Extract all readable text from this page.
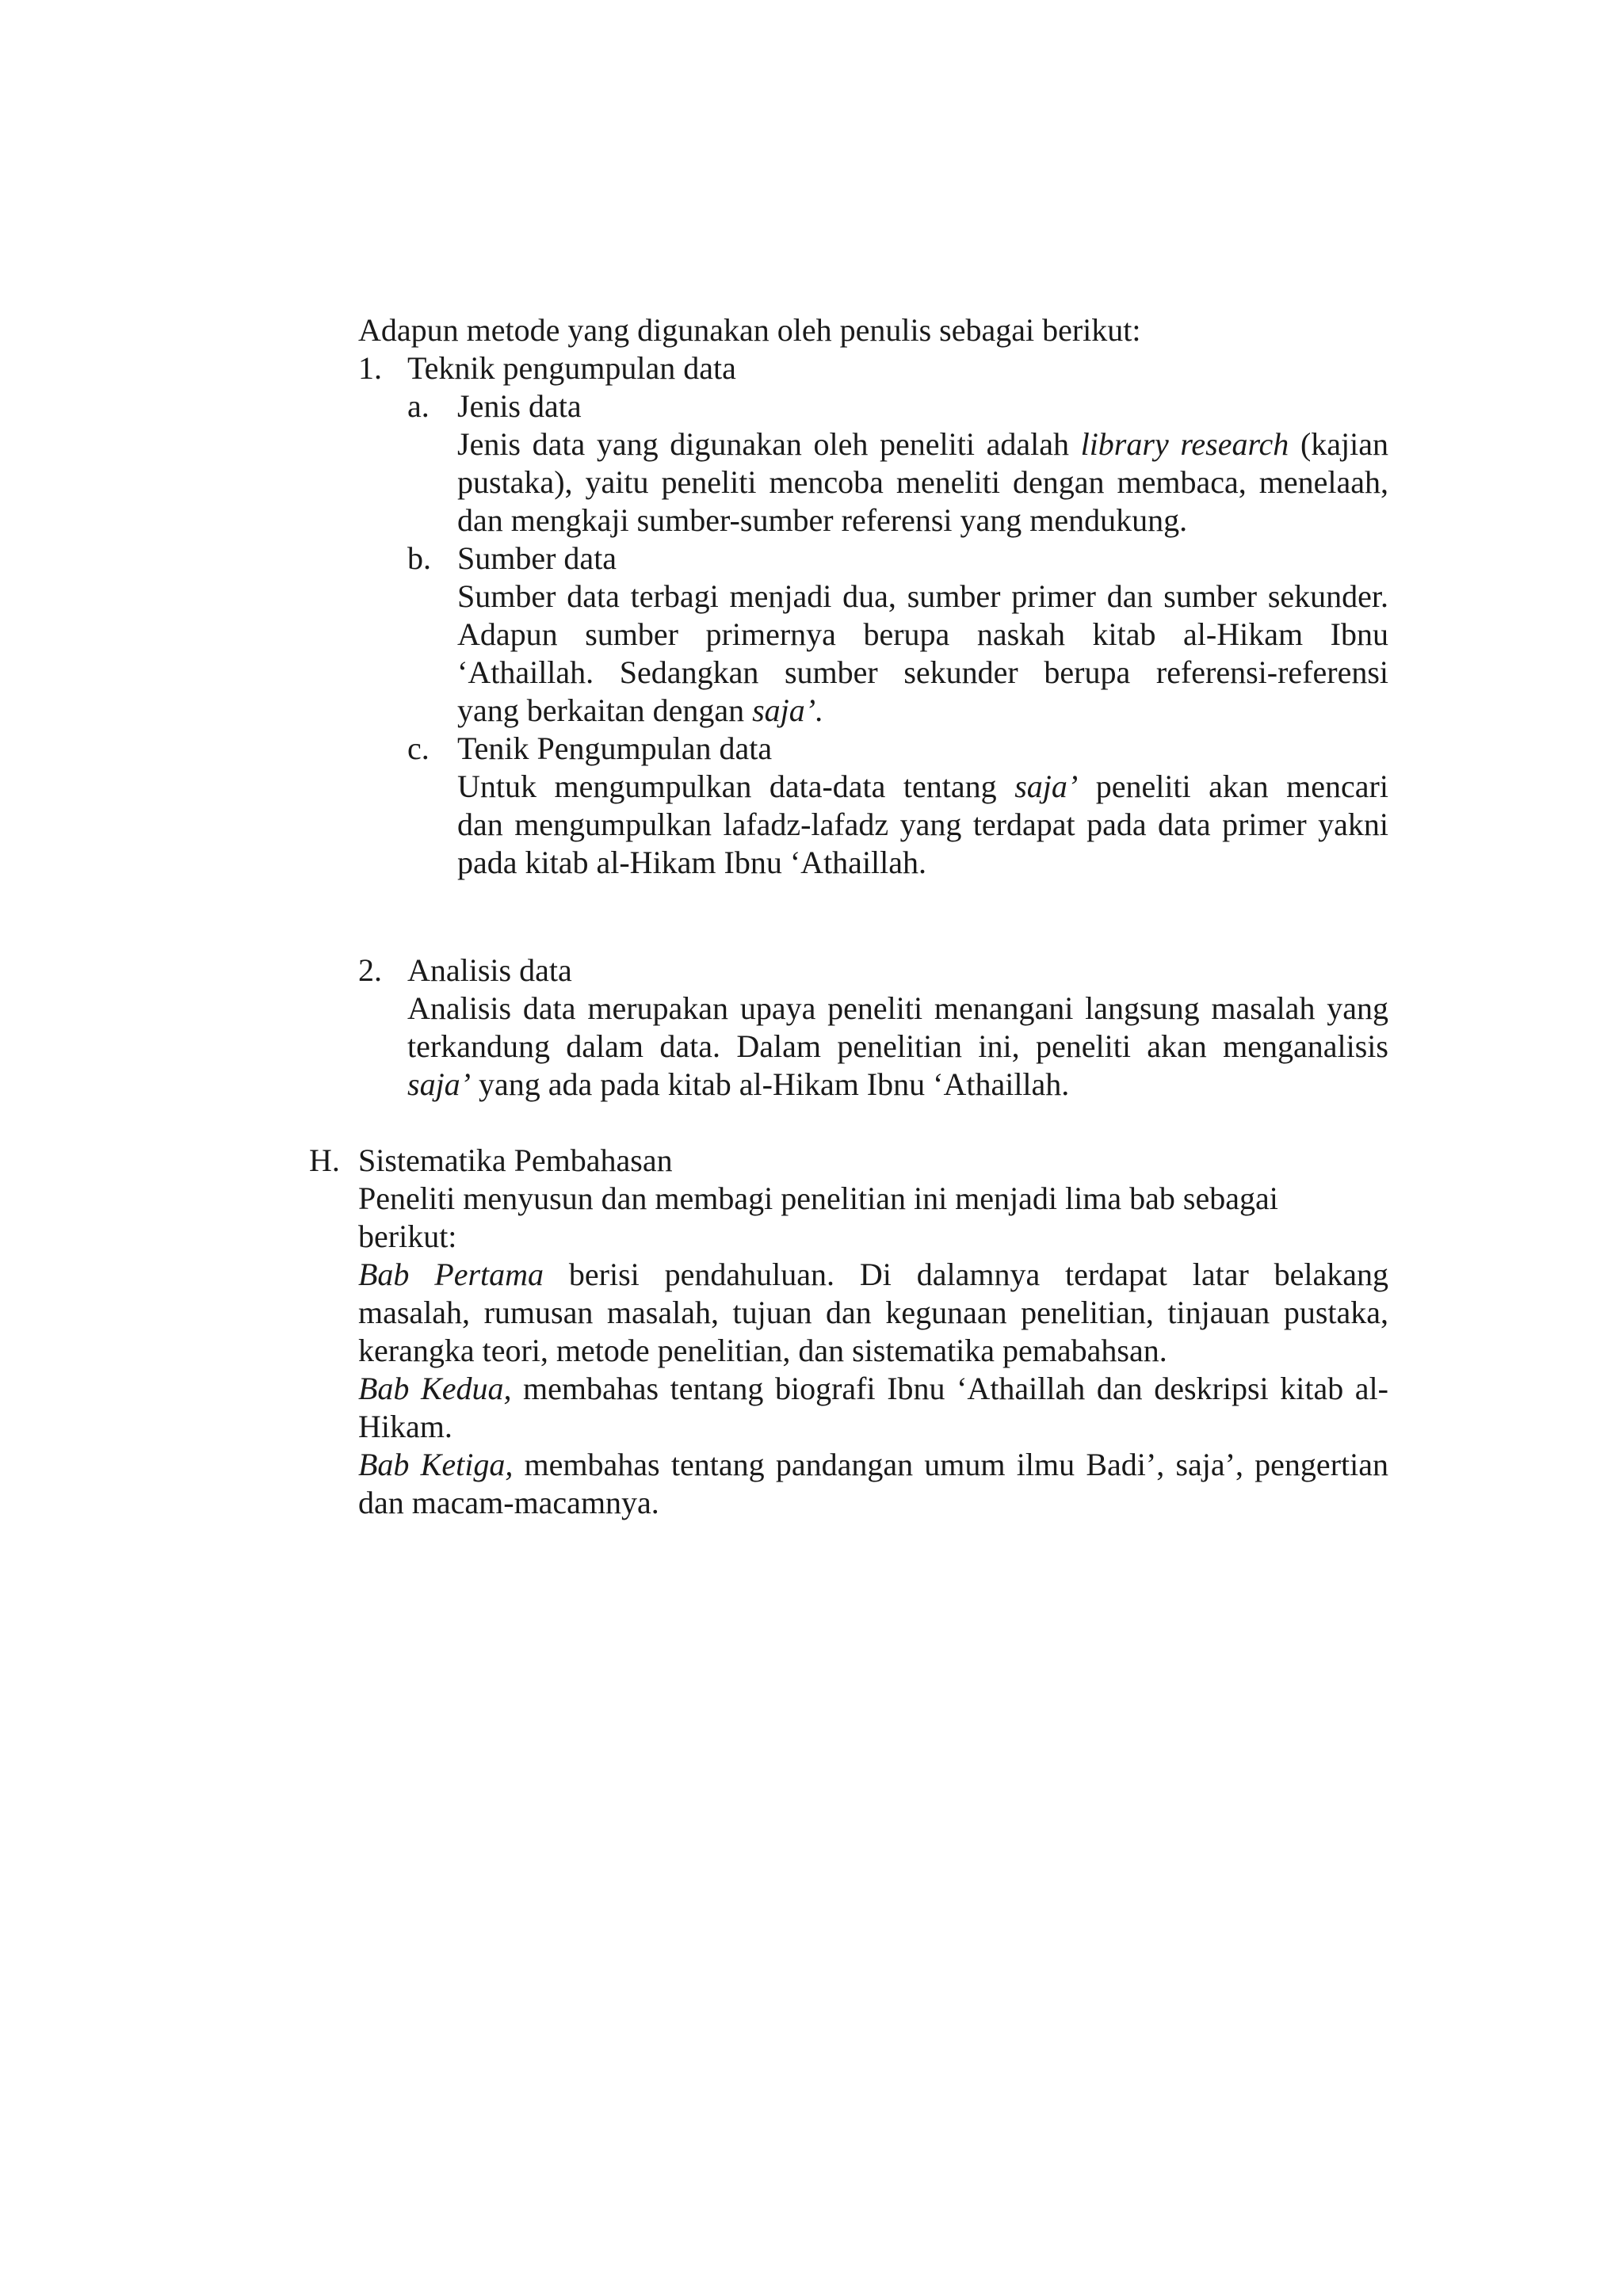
Adapun metode yang digunakan oleh penulis sebagai berikut:
1. Teknik pengumpulan data
a. Jenis data
Jenis data yang digunakan oleh peneliti adalah library research (kajian
pustaka), yaitu peneliti mencoba meneliti dengan membaca, menelaah,
dan mengkaji sumber-sumber referensi yang mendukung.
b. Sumber data
Sumber data terbagi menjadi dua, sumber primer dan sumber sekunder.
Adapun sumber primernya berupa naskah kitab al-Hikam Ibnu
‘Athaillah. Sedangkan sumber sekunder berupa referensi-referensi
yang berkaitan dengan saja’.
c. Tenik Pengumpulan data
Untuk mengumpulkan data-data tentang saja’ peneliti akan mencari
dan mengumpulkan lafadz-lafadz yang terdapat pada data primer yakni
pada kitab al-Hikam Ibnu ‘Athaillah.
2. Analisis data
Analisis data merupakan upaya peneliti menangani langsung masalah yang
terkandung dalam data. Dalam penelitian ini, peneliti akan menganalisis
saja’ yang ada pada kitab al-Hikam Ibnu ‘Athaillah.
H. Sistematika Pembahasan
Peneliti menyusun dan membagi penelitian ini menjadi lima bab sebagai
berikut:
Bab Pertama berisi pendahuluan. Di dalamnya terdapat latar belakang
masalah, rumusan masalah, tujuan dan kegunaan penelitian, tinjauan pustaka,
kerangka teori, metode penelitian, dan sistematika pemabahsan.
Bab Kedua, membahas tentang biografi Ibnu ‘Athaillah dan deskripsi kitab al-
Hikam.
Bab Ketiga, membahas tentang pandangan umum ilmu Badi’, saja’, pengertian
dan macam-macamnya.
